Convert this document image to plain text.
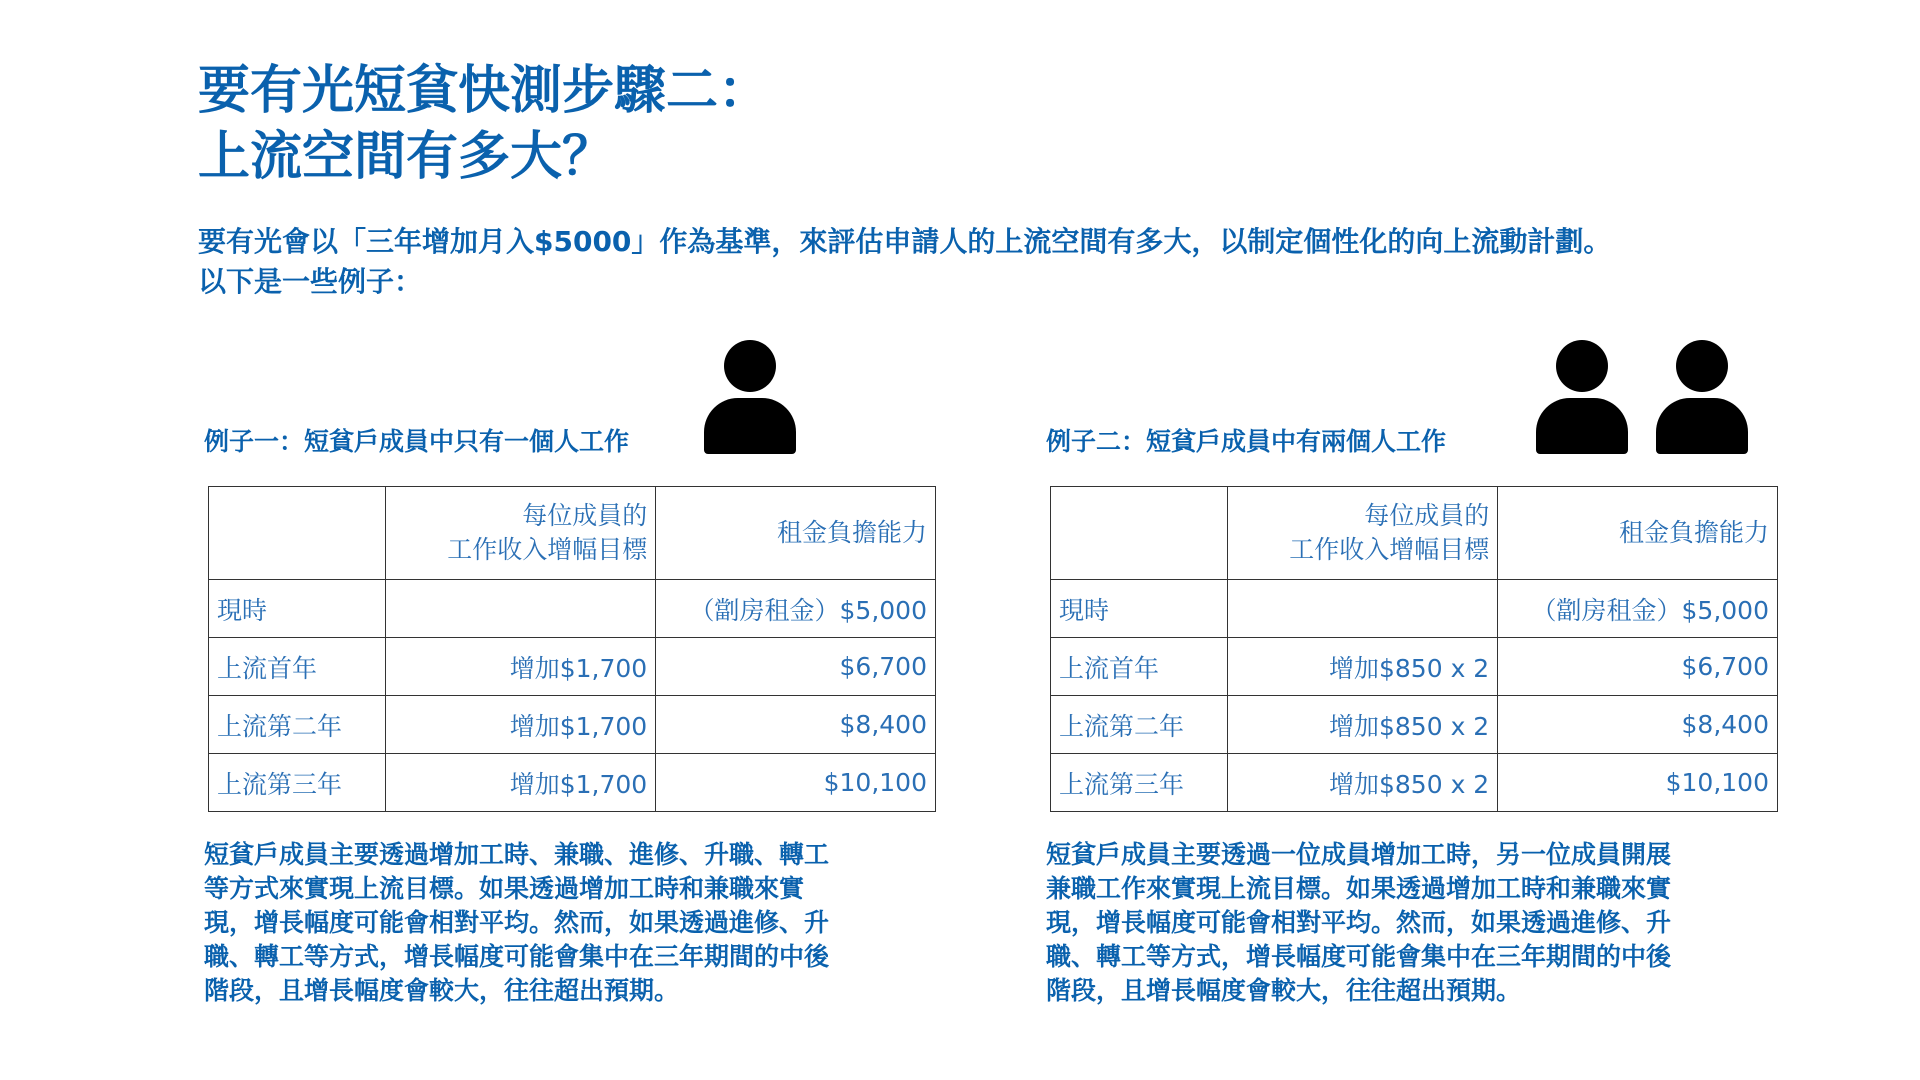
要有光短貧快測步驟二：
上流空間有多大？
要有光會以「三年增加月入$5000」作為基準，來評估申請人的上流空間有多大，以制定個性化的向上流動計劃。
以下是一些例子：
例子一：短貧戶成員中只有一個人工作

	每位成員的
工作收入增幅目標	租金負擔能力
現時		（劏房租金）$5,000
上流首年	增加$1,700	$6,700
上流第二年	增加$1,700	$8,400
上流第三年	增加$1,700	$10,100
短貧戶成員主要透過增加工時、兼職、進修、升職、轉工
等方式來實現上流目標。如果透過增加工時和兼職來實
現，增長幅度可能會相對平均。然而，如果透過進修、升
職、轉工等方式，增長幅度可能會集中在三年期間的中後
階段，且增長幅度會較大，往往超出預期。
例子二：短貧戶成員中有兩個人工作

	每位成員的
工作收入增幅目標	租金負擔能力
現時		（劏房租金）$5,000
上流首年	增加$850 x 2	$6,700
上流第二年	增加$850 x 2	$8,400
上流第三年	增加$850 x 2	$10,100
短貧戶成員主要透過一位成員增加工時，另一位成員開展
兼職工作來實現上流目標。如果透過增加工時和兼職來實
現，增長幅度可能會相對平均。然而，如果透過進修、升
職、轉工等方式，增長幅度可能會集中在三年期間的中後
階段，且增長幅度會較大，往往超出預期。
